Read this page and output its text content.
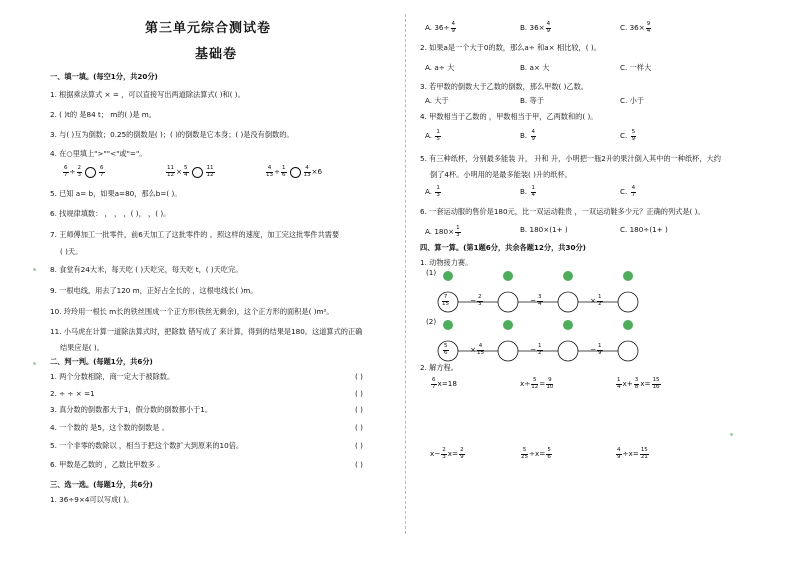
第三单元综合测试卷
基础卷
一、填一填。(每空1分，共20分)
1. 根据乘法算式 × = ，可以直接写出两道除法算式( )和( )。
2. ( )t的 是84 t； m的( )是 m。
3. 与( )互为倒数；0.25的倒数是( )；( )的倒数是它本身；( )是没有倒数的。
4. 在○里填上">""<"或"="。
$\frac{6}{7} \div \frac{2}{3}$	$\frac{6}{7}$	$\frac{11}{12} \times \frac{5}{4}$	$\frac{11}{12}$	$\frac{4}{13} \div \frac{1}{6}$	$\frac{4}{13} \times 6$
5. 已知 a= b，如果a=80，那么b=( )。
6. 找规律填数： ， ， ，( )， ，( )。
7. 王师傅加工一批零件，前6天加工了这批零件的 。照这样的速度，加工完这批零件共需要
( )天。
8. 食堂有24大米，每天吃 ( )天吃完，每天吃 t，( )天吃完。
9. 一根电线，用去了120 m，正好占全长的 ，这根电线长( )m。
10. 玲玲用一根长 m长的铁丝围成一个正方形(铁丝无剩余)，这个正方形的面积是( )m²。
11. 小马虎在计算一道除法算式时，把除数 错写成了 来计算，得到的结果是180。这道算式的正确
结果应是( )。
二、判一判。(每题1分，共6分)
1. 两个分数相除，商一定大于被除数。	( )
2. ÷ ÷ × =1	( )
3. 真分数的倒数都大于1，假分数的倒数都小于1。	( )
4. 一个数的 是5，这个数的倒数是 。	( )
5. 一个非零的数除以 ，相当于把这个数扩大到原来的10倍。	( )
6. 甲数是乙数的 ，乙数比甲数多 。	( )
三、选一选。(每题1分，共6分)
1. 36÷9×4可以写成( )。
A. $36\div \frac{4}{9}$	B. $36\times \frac{4}{9}$	C. $36\times \frac{9}{4}$
2. 如果a是一个大于0的数，那么a÷ 和a× 相比较，( )。
A. a÷ 大	B. a× 大	C. 一样大
3. 若甲数的倒数大于乙数的倒数，那么甲数( )乙数。
A. 大于	B. 等于	C. 小于
4. 甲数相当于乙数的 ，甲数相当于甲，乙两数和的( )。
A. $\frac{1}{5}$	B. $\frac{4}{9}$	C. $\frac{5}{9}$
5. 有三种纸杯，分别最多能装 升， 升和 升，小明把一瓶2升的果汁倒入其中的一种纸杯，大约
倒了4杯。小明用的是最多能装( )升的纸杯。
A. $\frac{1}{3}$	B. $\frac{1}{4}$	C. $\frac{4}{7}$
6. 一套运动服的售价是180元，比一双运动鞋贵 ，一双运动鞋多少元？正确的列式是( )。
A. $180\times \frac{1}{3}$	B. 180×(1+ )	C. 180÷(1+ )
四、算一算。(第1题6分，共余各题12分，共30分)
1. 动物接力赛。
(1)
$\frac{7}{15}$	− $\frac{2}{3}$	− $\frac{3}{4}$	× $\frac{1}{2}$
(2)
$\frac{5}{6}$	× $\frac{4}{15}$	− $\frac{1}{2}$	− $\frac{1}{9}$
2. 解方程。
$\frac{6}{7} x=18$	$x\div \frac{5}{12} = \frac{9}{10}$	$\frac{1}{4} x+ \frac{3}{8} x= \frac{15}{16}$
$x- \frac{2}{3} x= \frac{2}{9}$	$\frac{5}{25} \div x= \frac{5}{6}$	$\frac{4}{9} \div x= \frac{15}{21}$
